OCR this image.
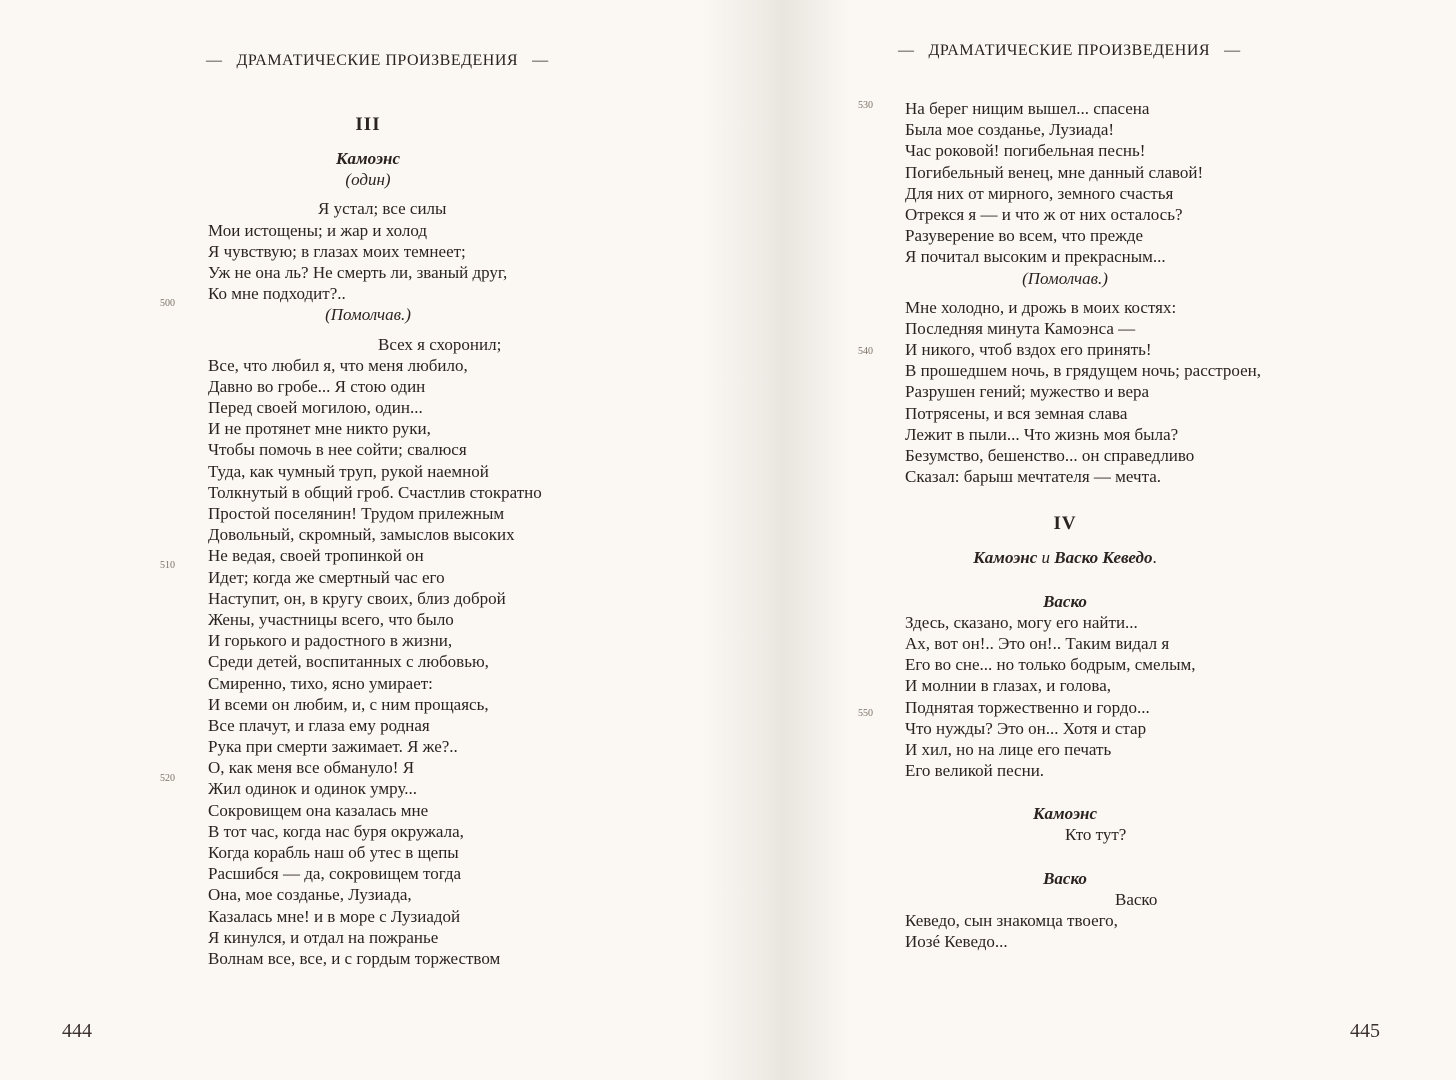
— ДРАМАТИЧЕСКИЕ ПРОИЗВЕДЕНИЯ —
III
Камоэнс
(один)
Я устал; все силы
Мои истощены; и жар и холод
Я чувствую; в глазах моих темнеет;
Уж не она ль? Не смерть ли, званый друг,
Ко мне подходит?..
(Помолчав.)
Всех я схоронил;
Все, что любил я, что меня любило,
Давно во гробе... Я стою один
Перед своей могилою, один...
И не протянет мне никто руки,
Чтобы помочь в нее сойти; свалюся
Туда, как чумный труп, рукой наемной
Толкнутый в общий гроб. Счастлив стократно
Простой поселянин! Трудом прилежным
Довольный, скромный, замыслов высоких
Не ведая, своей тропинкой он
Идет; когда же смертный час его
Наступит, он, в кругу своих, близ доброй
Жены, участницы всего, что было
И горького и радостного в жизни,
Среди детей, воспитанных с любовью,
Смиренно, тихо, ясно умирает:
И всеми он любим, и, с ним прощаясь,
Все плачут, и глаза ему родная
Рука при смерти зажимает. Я же?..
О, как меня все обмануло! Я
Жил одинок и одинок умру...
Сокровищем она казалась мне
В тот час, когда нас буря окружала,
Когда корабль наш об утес в щепы
Расшибся — да, сокровищем тогда
Она, мое созданье, Лузиада,
Казалась мне! и в море с Лузиадой
Я кинулся, и отдал на пожранье
Волнам все, все, и с гордым торжеством
500
510
520
444
— ДРАМАТИЧЕСКИЕ ПРОИЗВЕДЕНИЯ —
На берег нищим вышел... спасена
Была мое созданье, Лузиада!
Час роковой! погибельная песнь!
Погибельный венец, мне данный славой!
Для них от мирного, земного счастья
Отрекся я — и что ж от них осталось?
Разуверение во всем, что прежде
Я почитал высоким и прекрасным...
(Помолчав.)
Мне холодно, и дрожь в моих костях:
Последняя минута Камоэнса —
И никого, чтоб вздох его принять!
В прошедшем ночь, в грядущем ночь; расстроен,
Разрушен гений; мужество и вера
Потрясены, и вся земная слава
Лежит в пыли... Что жизнь моя была?
Безумство, бешенство... он справедливо
Сказал: барыш мечтателя — мечта.
IV
Камоэнс и Васко Кеведо.
Васко
Здесь, сказано, могу его найти...
Ах, вот он!.. Это он!.. Таким видал я
Его во сне... но только бодрым, смелым,
И молнии в глазах, и голова,
Поднятая торжественно и гордо...
Что нужды? Это он... Хотя и стар
И хил, но на лице его печать
Его великой песни.
Камоэнс
Кто тут?
Васко
Васко
Кеведо, сын знакомца твоего,
Иозé Кеведо...
530
540
550
445
